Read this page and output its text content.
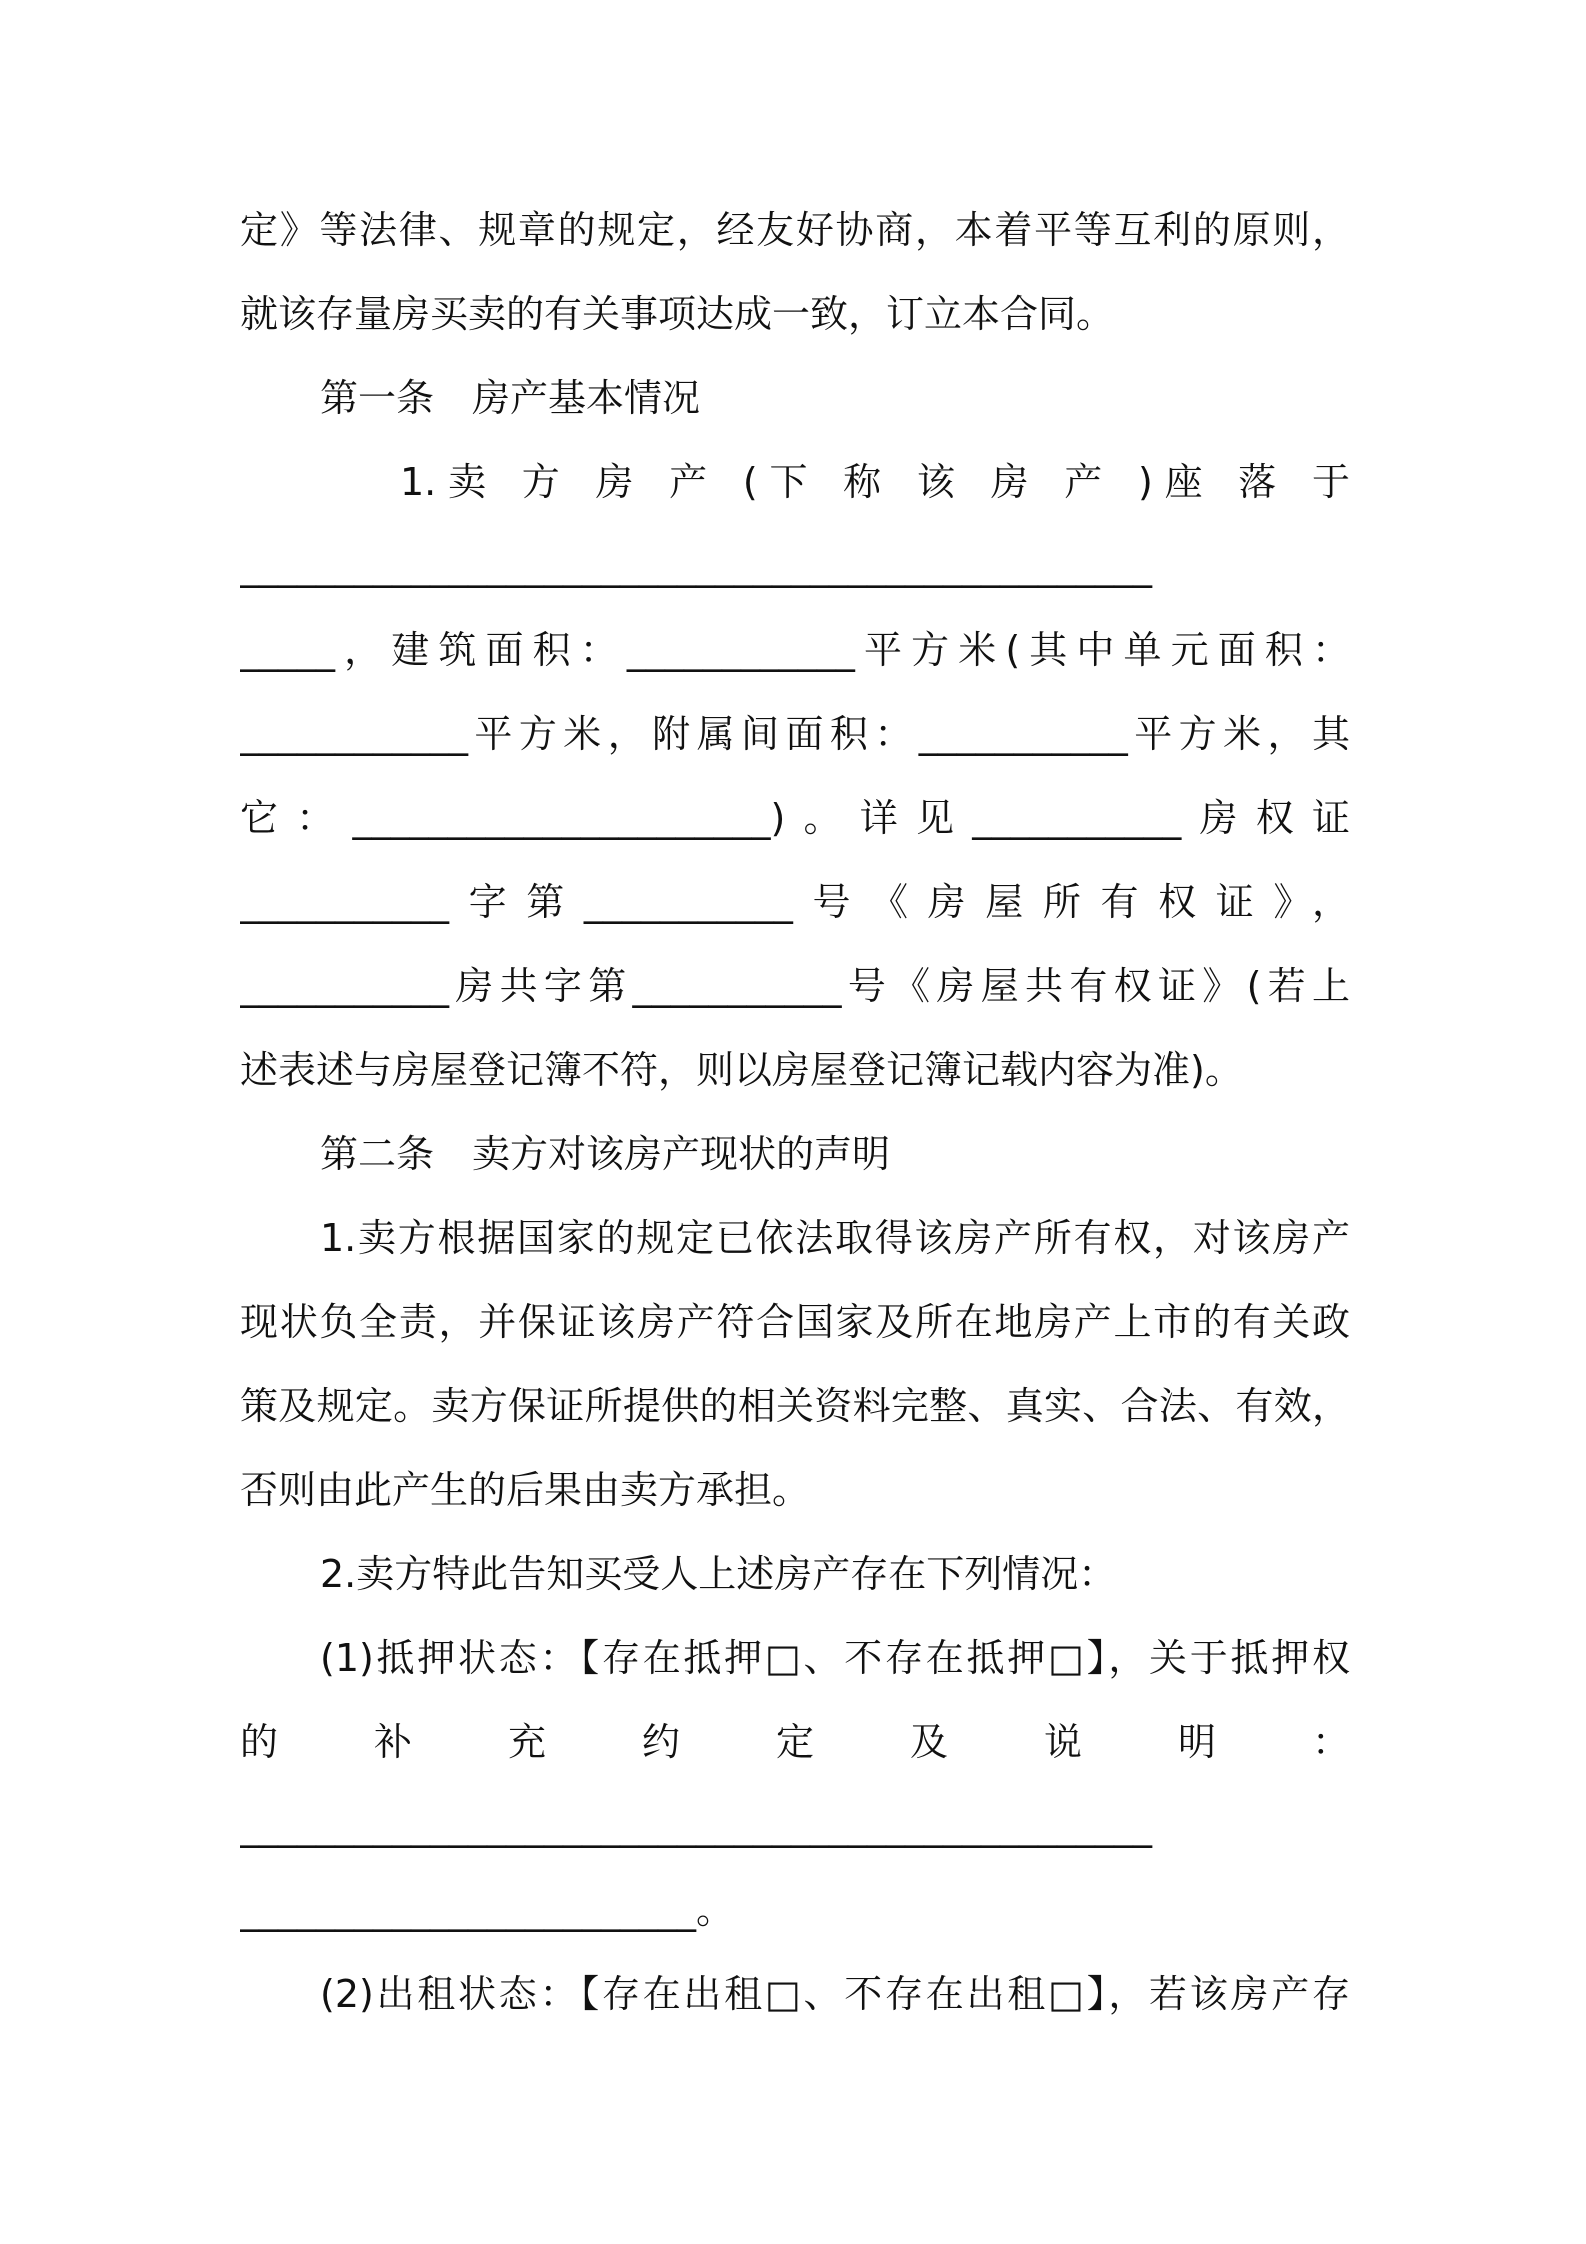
定》等法律、规章的规定，经友好协商，本着平等互利的原则，
就该存量房买卖的有关事项达成一致，订立本合同。
第一条　房产基本情况
1.卖 方 房 产 (下 称 该 房 产 )座 落 于
________________________________________________
_____，建筑面积：____________平方米(其中单元面积：
____________平方米，附属间面积：___________平方米，其
它：______________________)。详见___________房权证
___________字第___________号《房屋所有权证》，
___________房共字第___________号《房屋共有权证》(若上
述表述与房屋登记簿不符，则以房屋登记簿记载内容为准)。
第二条　卖方对该房产现状的声明
1.卖方根据国家的规定已依法取得该房产所有权，对该房产
现状负全责，并保证该房产符合国家及所在地房产上市的有关政
策及规定。卖方保证所提供的相关资料完整、真实、合法、有效，
否则由此产生的后果由卖方承担。
2.卖方特此告知买受人上述房产存在下列情况：
(1)抵押状态：【存在抵押□、不存在抵押□】，关于抵押权
的 补 充 约 定 及 说 明 ：
________________________________________________
________________________。
(2)出租状态：【存在出租□、不存在出租□】，若该房产存
